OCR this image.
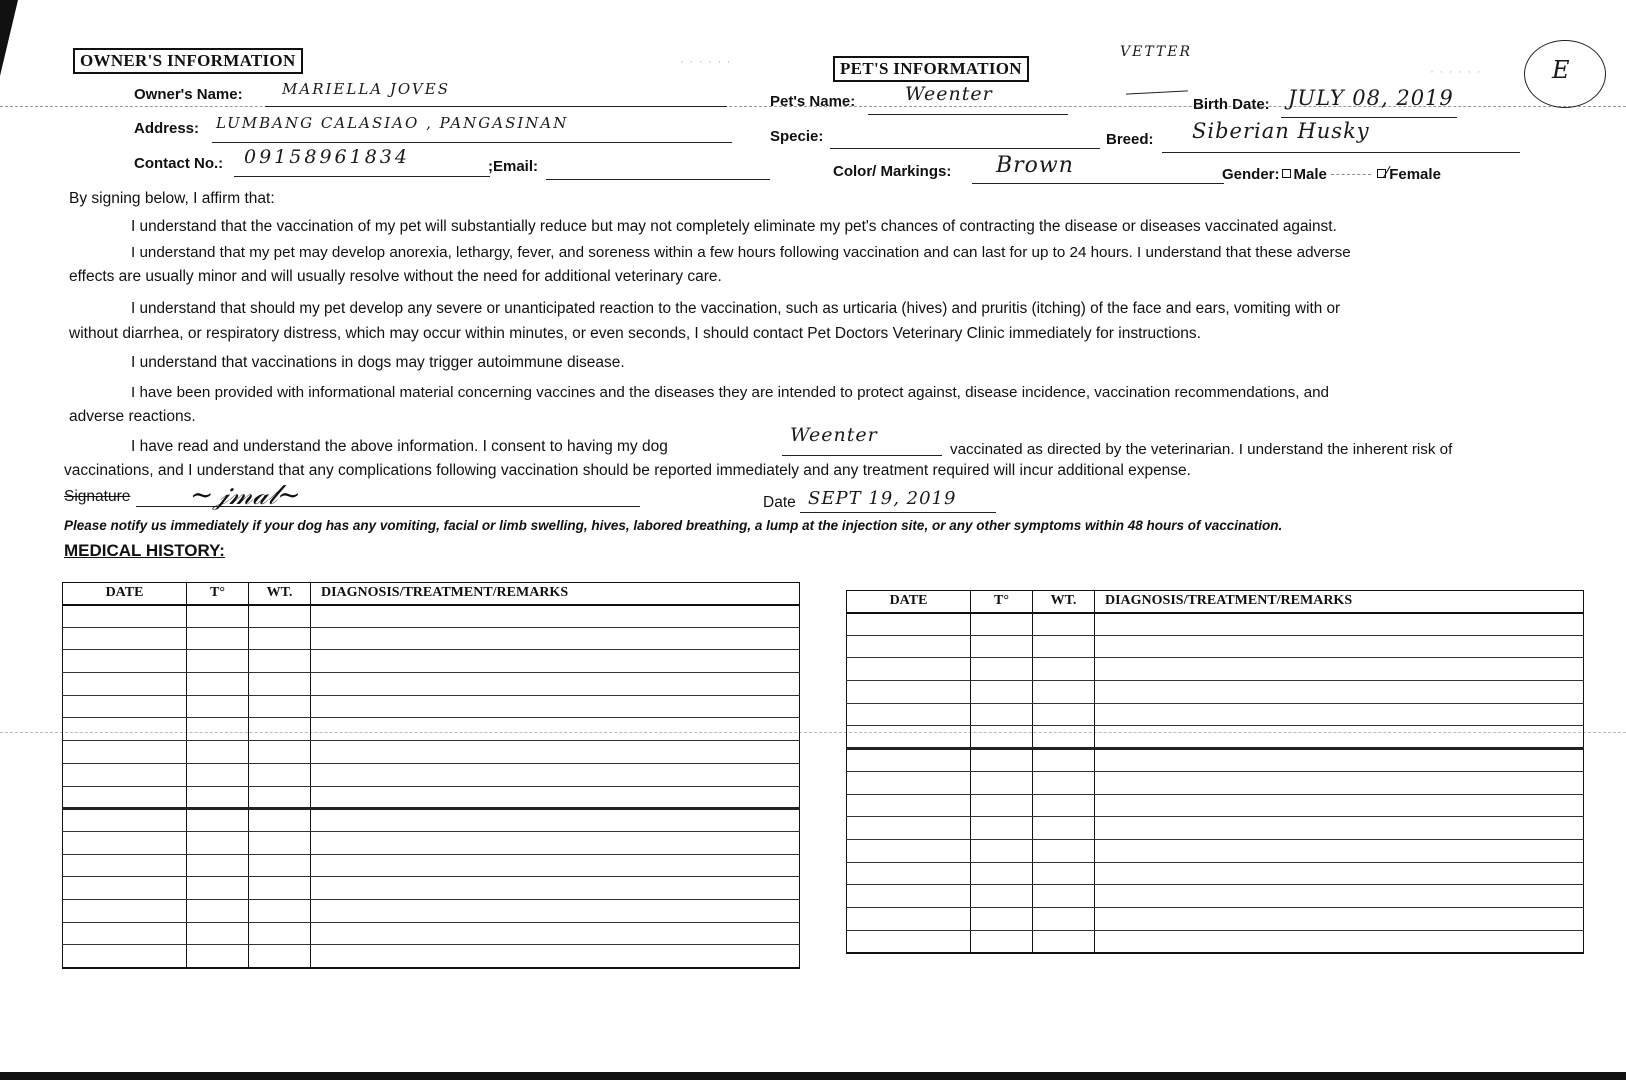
OWNER'S INFORMATION
Owner's Name:	MARIELLA JOVES
Address: LUMBANG CALASIAO , PANGASINAN
Contact No.: 09158961834	;Email:
PET'S INFORMATION
VETTER
E
Pet's Name:	Weenter	Birth Date: JULY 08, 2019
Specie:	Breed: Siberian Husky
Color/ Markings: Brown	Gender: Male	Female
· · · · · ·
· · · · · ·
By signing below, I affirm that:
I understand that the vaccination of my pet will substantially reduce but may not completely eliminate my pet's chances of contracting the disease or diseases vaccinated against.
I understand that my pet may develop anorexia, lethargy, fever, and soreness within a few hours following vaccination and can last for up to 24 hours. I understand that these adverse
effects are usually minor and will usually resolve without the need for additional veterinary care.
I understand that should my pet develop any severe or unanticipated reaction to the vaccination, such as urticaria (hives) and pruritis (itching) of the face and ears, vomiting with or
without diarrhea, or respiratory distress, which may occur within minutes, or even seconds, I should contact Pet Doctors Veterinary Clinic immediately for instructions.
I understand that vaccinations in dogs may trigger autoimmune disease.
I have been provided with informational material concerning vaccines and the diseases they are intended to protect against, disease incidence, vaccination recommendations, and
adverse reactions.
I have read and understand the above information. I consent to having my dog
Weenter
vaccinated as directed by the veterinarian. I understand the inherent risk of
vaccinations, and I understand that any complications following vaccination should be reported immediately and any treatment required will incur additional expense.
Signature ~𝒿𝓂𝒶𝓁~	Date SEPT 19, 2019
Please notify us immediately if your dog has any vomiting, facial or limb swelling, hives, labored breathing, a lump at the injection site, or any other symptoms within 48 hours of vaccination.
MEDICAL HISTORY:
DATE	T°	WT.	DIAGNOSIS/TREATMENT/REMARKS

DATE	T°	WT.	DIAGNOSIS/TREATMENT/REMARKS
